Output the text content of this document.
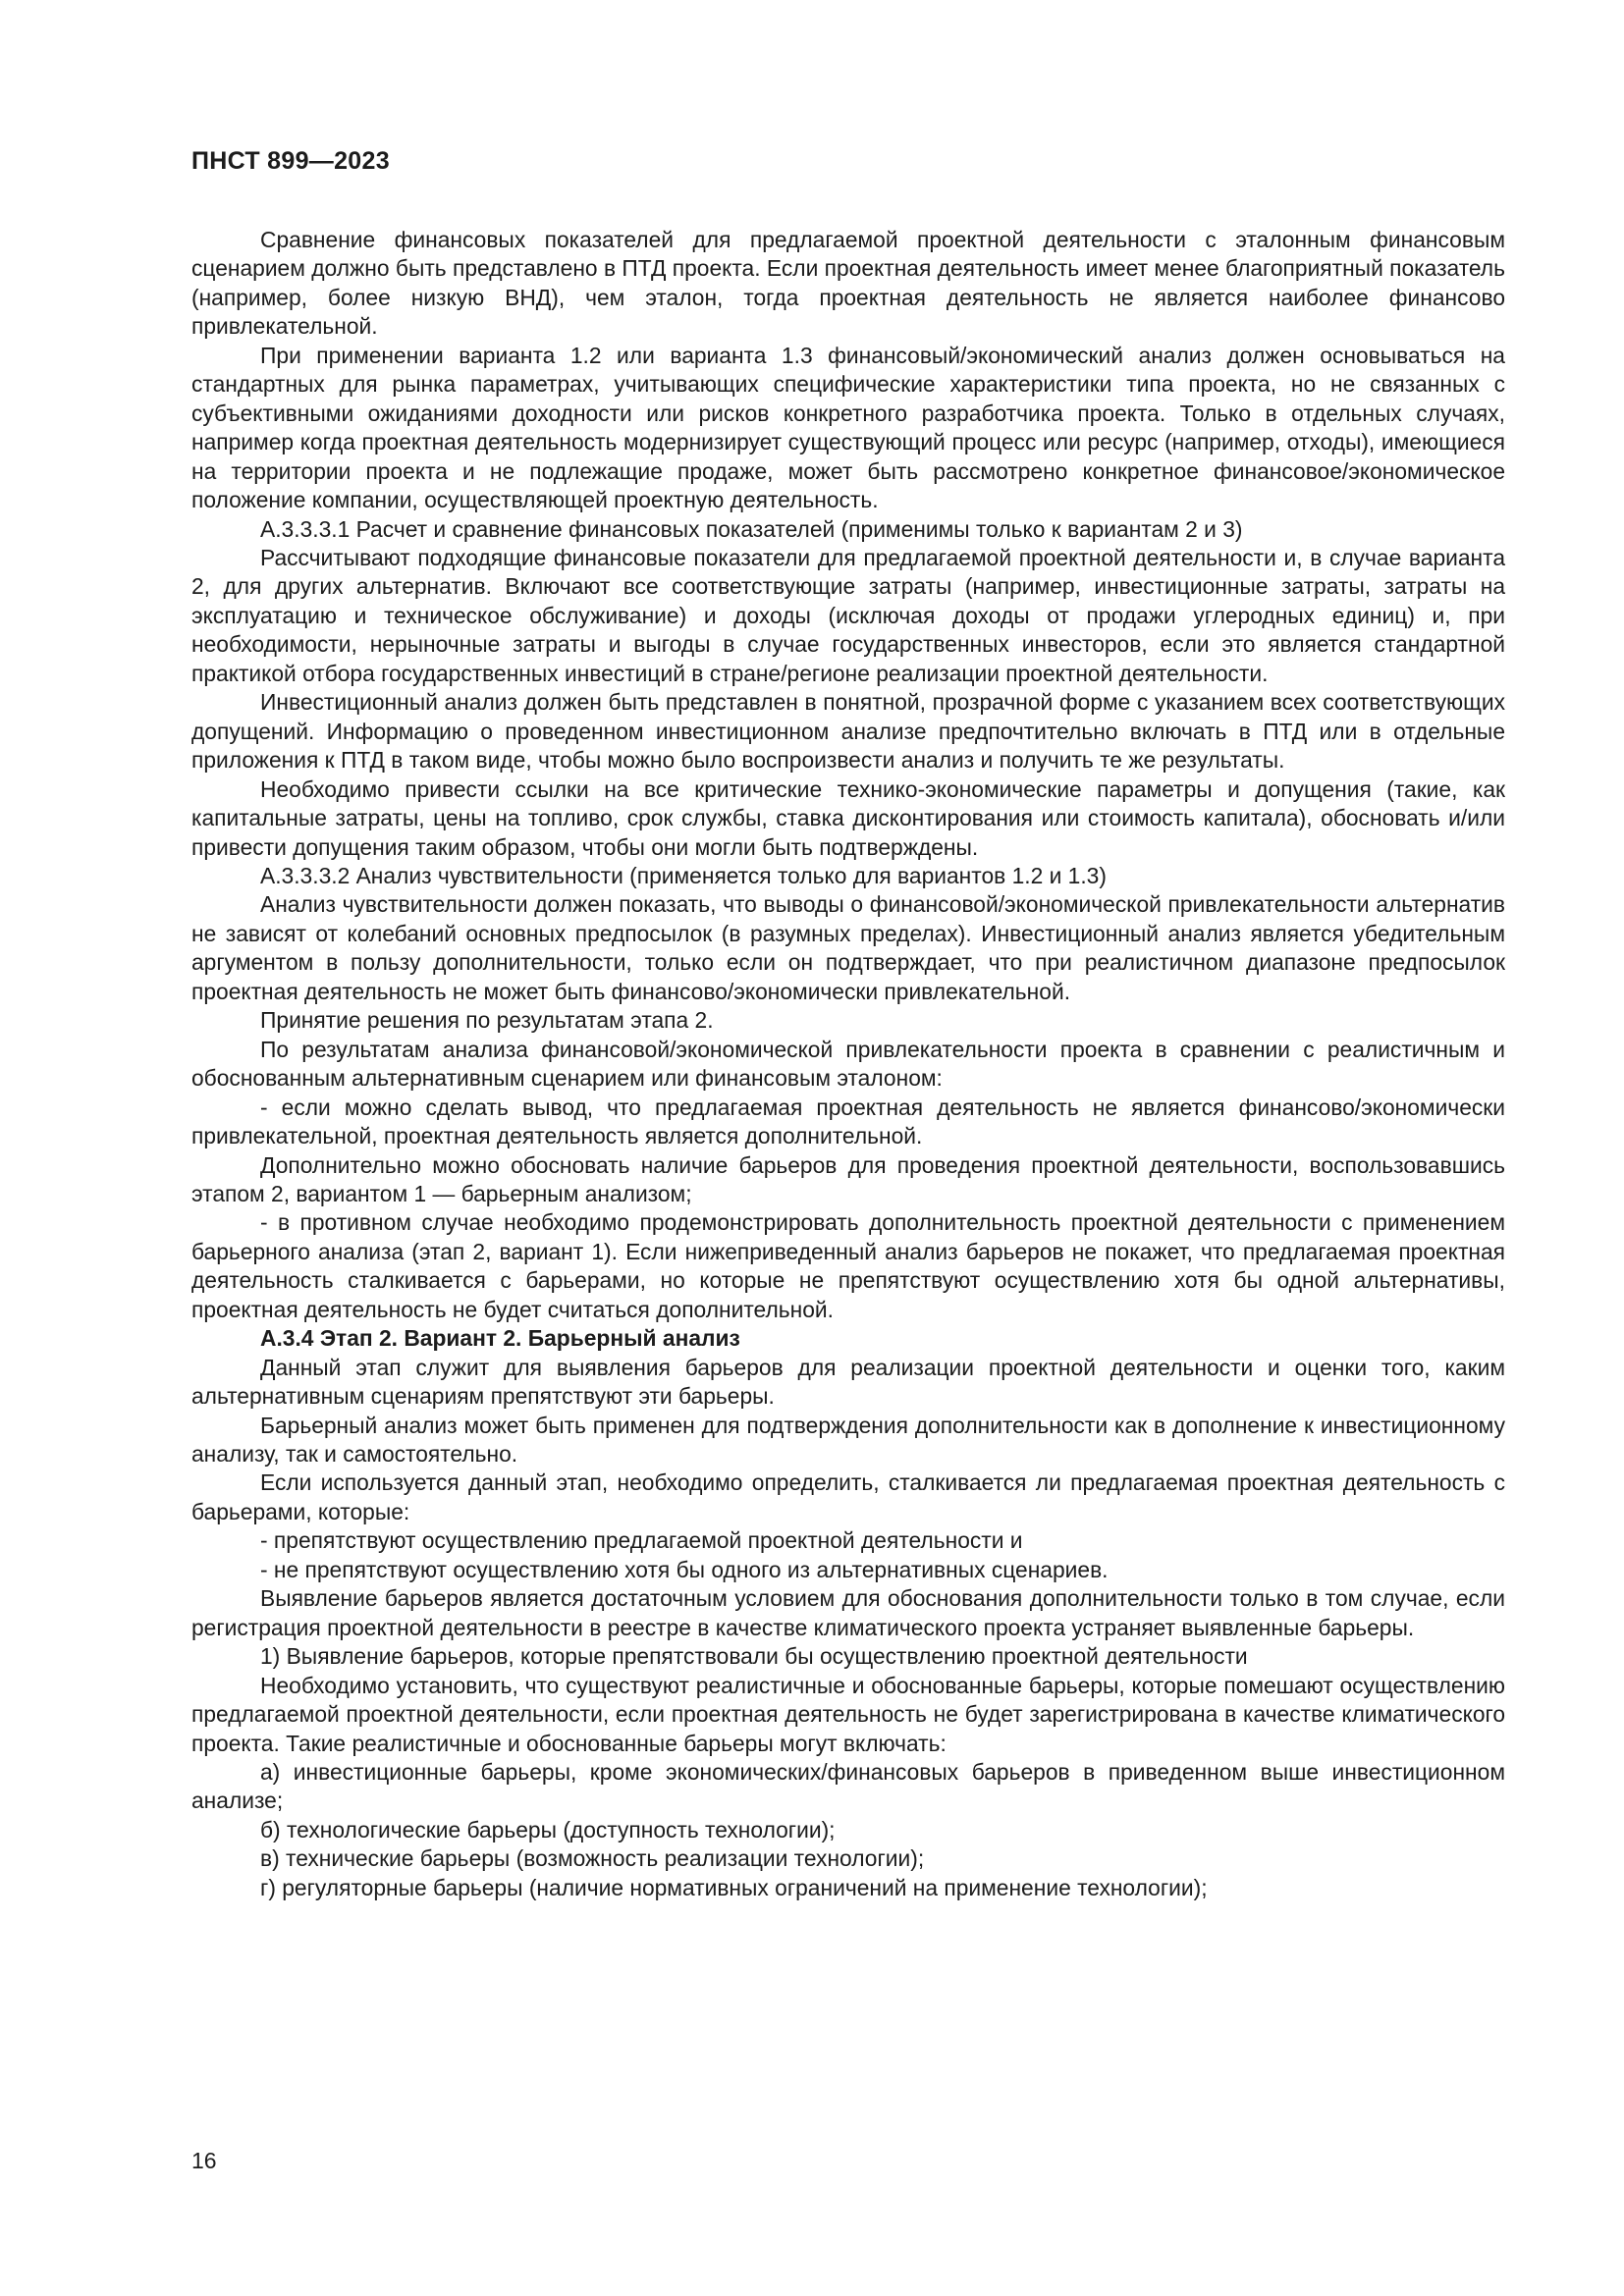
ПНСТ 899—2023

Сравнение финансовых показателей для предлагаемой проектной деятельности с эталонным финансовым сценарием должно быть представлено в ПТД проекта. Если проектная деятельность имеет менее благоприятный показатель (например, более низкую ВНД), чем эталон, тогда проектная деятельность не является наиболее финансово привлекательной.

При применении варианта 1.2 или варианта 1.3 финансовый/экономический анализ должен основываться на стандартных для рынка параметрах, учитывающих специфические характеристики типа проекта, но не связанных с субъективными ожиданиями доходности или рисков конкретного разработчика проекта. Только в отдельных случаях, например когда проектная деятельность модернизирует существующий процесс или ресурс (например, отходы), имеющиеся на территории проекта и не подлежащие продаже, может быть рассмотрено конкретное финансовое/экономическое положение компании, осуществляющей проектную деятельность.

А.3.3.3.1 Расчет и сравнение финансовых показателей (применимы только к вариантам 2 и 3)

Рассчитывают подходящие финансовые показатели для предлагаемой проектной деятельности и, в случае варианта 2, для других альтернатив. Включают все соответствующие затраты (например, инвестиционные затраты, затраты на эксплуатацию и техническое обслуживание) и доходы (исключая доходы от продажи углеродных единиц) и, при необходимости, нерыночные затраты и выгоды в случае государственных инвесторов, если это является стандартной практикой отбора государственных инвестиций в стране/регионе реализации проектной деятельности.

Инвестиционный анализ должен быть представлен в понятной, прозрачной форме с указанием всех соответствующих допущений. Информацию о проведенном инвестиционном анализе предпочтительно включать в ПТД или в отдельные приложения к ПТД в таком виде, чтобы можно было воспроизвести анализ и получить те же результаты.

Необходимо привести ссылки на все критические технико-экономические параметры и допущения (такие, как капитальные затраты, цены на топливо, срок службы, ставка дисконтирования или стоимость капитала), обосновать и/или привести допущения таким образом, чтобы они могли быть подтверждены.

А.3.3.3.2 Анализ чувствительности (применяется только для вариантов 1.2 и 1.3)

Анализ чувствительности должен показать, что выводы о финансовой/экономической привлекательности альтернатив не зависят от колебаний основных предпосылок (в разумных пределах). Инвестиционный анализ является убедительным аргументом в пользу дополнительности, только если он подтверждает, что при реалистичном диапазоне предпосылок проектная деятельность не может быть финансово/экономически привлекательной.

Принятие решения по результатам этапа 2.

По результатам анализа финансовой/экономической привлекательности проекта в сравнении с реалистичным и обоснованным альтернативным сценарием или финансовым эталоном:

- если можно сделать вывод, что предлагаемая проектная деятельность не является финансово/экономически привлекательной, проектная деятельность является дополнительной.

Дополнительно можно обосновать наличие барьеров для проведения проектной деятельности, воспользовавшись этапом 2, вариантом 1 — барьерным анализом;

- в противном случае необходимо продемонстрировать дополнительность проектной деятельности с применением барьерного анализа (этап 2, вариант 1). Если нижеприведенный анализ барьеров не покажет, что предлагаемая проектная деятельность сталкивается с барьерами, но которые не препятствуют осуществлению хотя бы одной альтернативы, проектная деятельность не будет считаться дополнительной.

А.3.4 Этап 2. Вариант 2. Барьерный анализ

Данный этап служит для выявления барьеров для реализации проектной деятельности и оценки того, каким альтернативным сценариям препятствуют эти барьеры.

Барьерный анализ может быть применен для подтверждения дополнительности как в дополнение к инвестиционному анализу, так и самостоятельно.

Если используется данный этап, необходимо определить, сталкивается ли предлагаемая проектная деятельность с барьерами, которые:

- препятствуют осуществлению предлагаемой проектной деятельности и

- не препятствуют осуществлению хотя бы одного из альтернативных сценариев.

Выявление барьеров является достаточным условием для обоснования дополнительности только в том случае, если регистрация проектной деятельности в реестре в качестве климатического проекта устраняет выявленные барьеры.

1) Выявление барьеров, которые препятствовали бы осуществлению проектной деятельности

Необходимо установить, что существуют реалистичные и обоснованные барьеры, которые помешают осуществлению предлагаемой проектной деятельности, если проектная деятельность не будет зарегистрирована в качестве климатического проекта. Такие реалистичные и обоснованные барьеры могут включать:

а) инвестиционные барьеры, кроме экономических/финансовых барьеров в приведенном выше инвестиционном анализе;

б) технологические барьеры (доступность технологии);

в) технические барьеры (возможность реализации технологии);

г) регуляторные барьеры (наличие нормативных ограничений на применение технологии);

16
